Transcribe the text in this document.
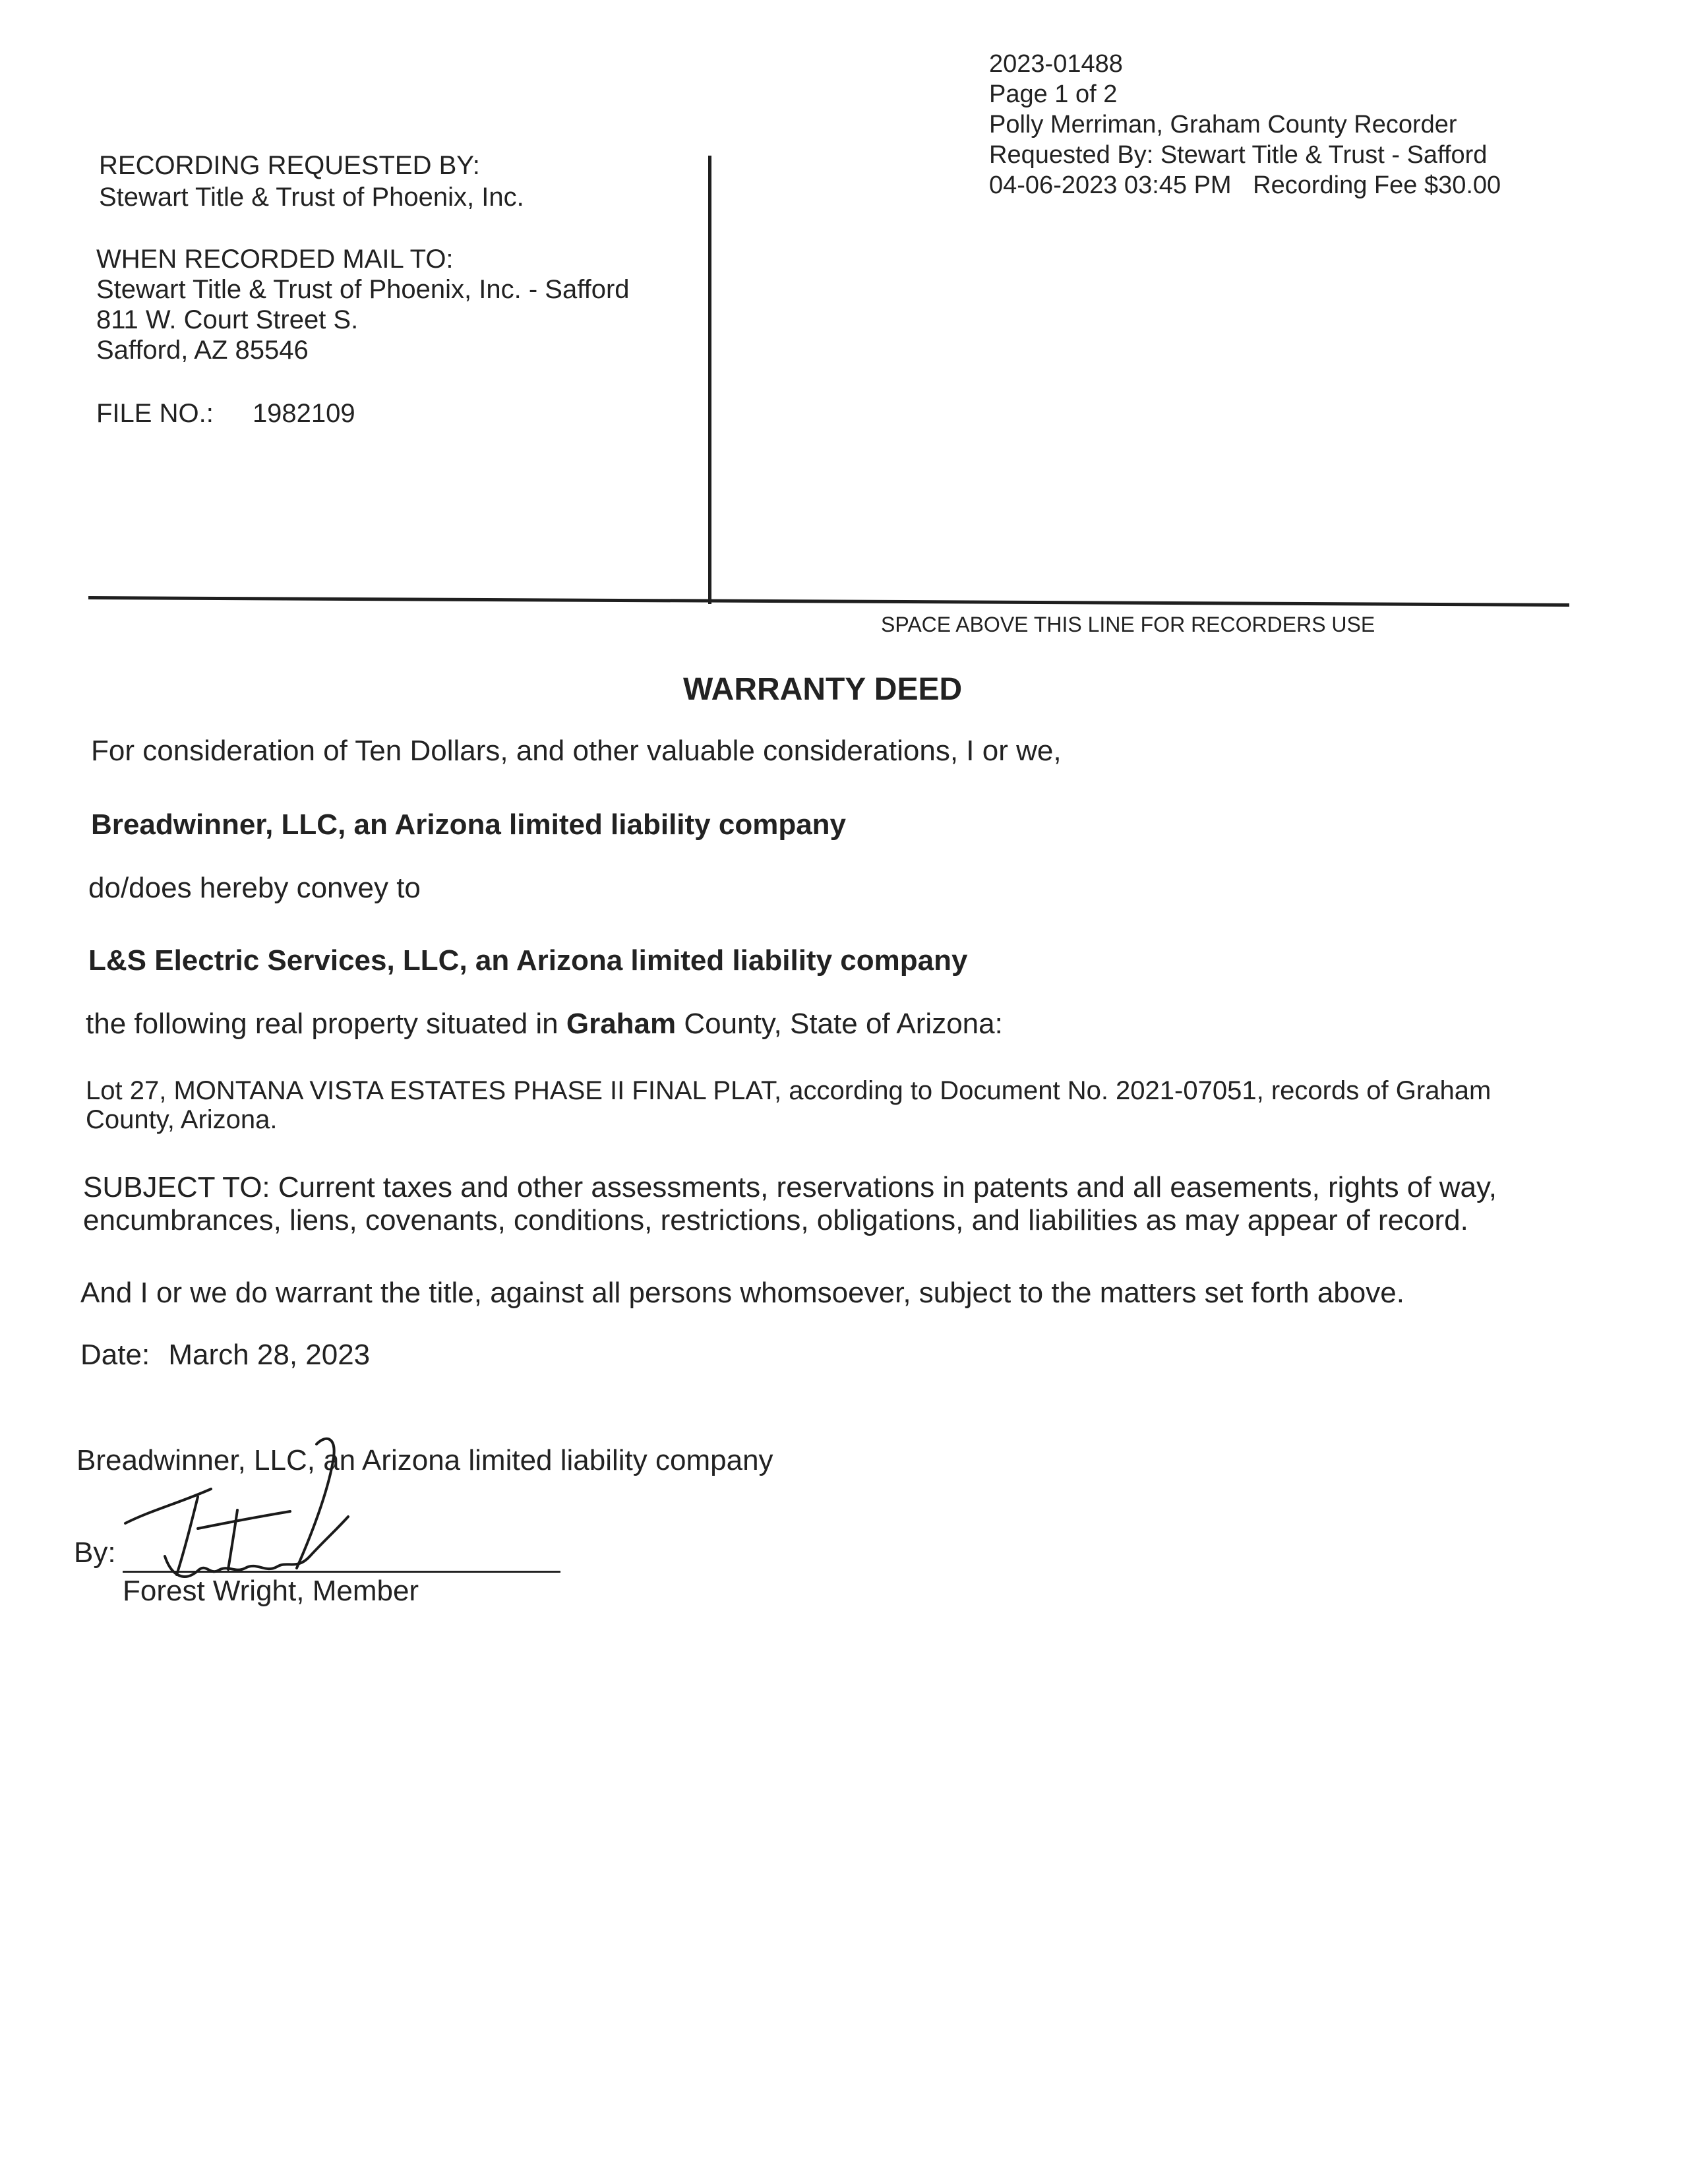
2023-01488
Page 1 of 2
Polly Merriman, Graham County Recorder
Requested By: Stewart Title & Trust - Safford
04-06-2023 03:45 PM Recording Fee $30.00
RECORDING REQUESTED BY:
Stewart Title & Trust of Phoenix, Inc.
WHEN RECORDED MAIL TO:
Stewart Title & Trust of Phoenix, Inc. - Safford
811 W. Court Street S.
Safford, AZ 85546
FILE NO.: 1982109
SPACE ABOVE THIS LINE FOR RECORDERS USE
WARRANTY DEED
For consideration of Ten Dollars, and other valuable considerations, I or we,
Breadwinner, LLC, an Arizona limited liability company
do/does hereby convey to
L&S Electric Services, LLC, an Arizona limited liability company
the following real property situated in Graham County, State of Arizona:
Lot 27, MONTANA VISTA ESTATES PHASE II FINAL PLAT, according to Document No. 2021-07051, records of Graham
County, Arizona.
SUBJECT TO: Current taxes and other assessments, reservations in patents and all easements, rights of way,
encumbrances, liens, covenants, conditions, restrictions, obligations, and liabilities as may appear of record.
And I or we do warrant the title, against all persons whomsoever, subject to the matters set forth above.
Date: March 28, 2023
Breadwinner, LLC, an Arizona limited liability company
By:
Forest Wright, Member
